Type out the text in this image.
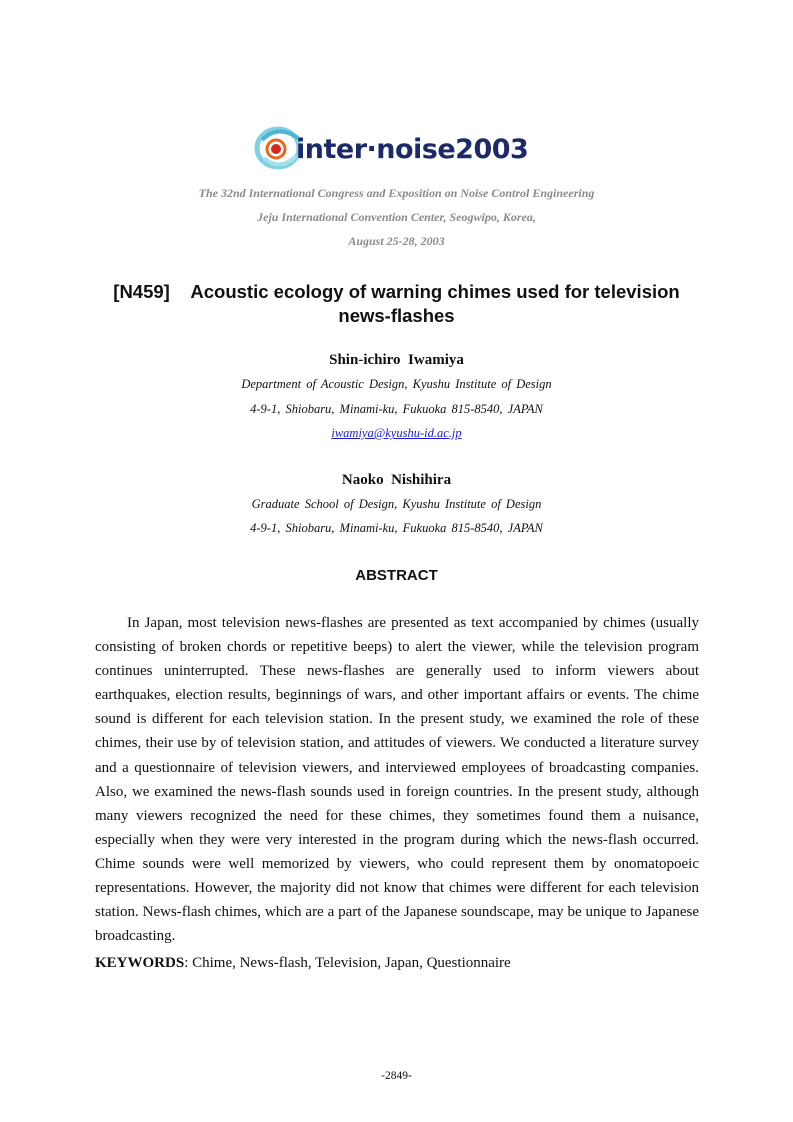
inter·noise2003
The 32nd International Congress and Exposition on Noise Control Engineering
Jeju International Convention Center, Seogwipo, Korea,
August 25-28, 2003
[N459]    Acoustic ecology of warning chimes used for television
news-flashes
Shin-ichiro  Iwamiya
Department of Acoustic Design, Kyushu Institute of Design
4-9-1, Shiobaru, Minami-ku, Fukuoka 815-8540, JAPAN
iwamiya@kyushu-id.ac.jp
Naoko  Nishihira
Graduate School of Design, Kyushu Institute of Design
4-9-1, Shiobaru, Minami-ku, Fukuoka 815-8540, JAPAN
ABSTRACT

In Japan, most television news-flashes are presented as text accompanied by chimes (usually consisting of broken chords or repetitive beeps) to alert the viewer, while the television program continues uninterrupted. These news-flashes are generally used to inform viewers about earthquakes, election results, beginnings of wars, and other important affairs or events. The chime sound is different for each television station. In the present study, we examined the role of these chimes, their use by of television station, and attitudes of viewers. We conducted a literature survey and a questionnaire of television viewers, and interviewed employees of broadcasting companies. Also, we examined the news-flash sounds used in foreign countries. In the present study, although many viewers recognized the need for these chimes, they sometimes found them a nuisance, especially when they were very interested in the program during which the news-flash occurred. Chime sounds were well memorized by viewers, who could represent them by onomatopoeic representations. However, the majority did not know that chimes were different for each television station. News-flash chimes, which are a part of the Japanese soundscape, may be unique to Japanese broadcasting.

KEYWORDS: Chime, News-flash, Television, Japan, Questionnaire
-2849-
